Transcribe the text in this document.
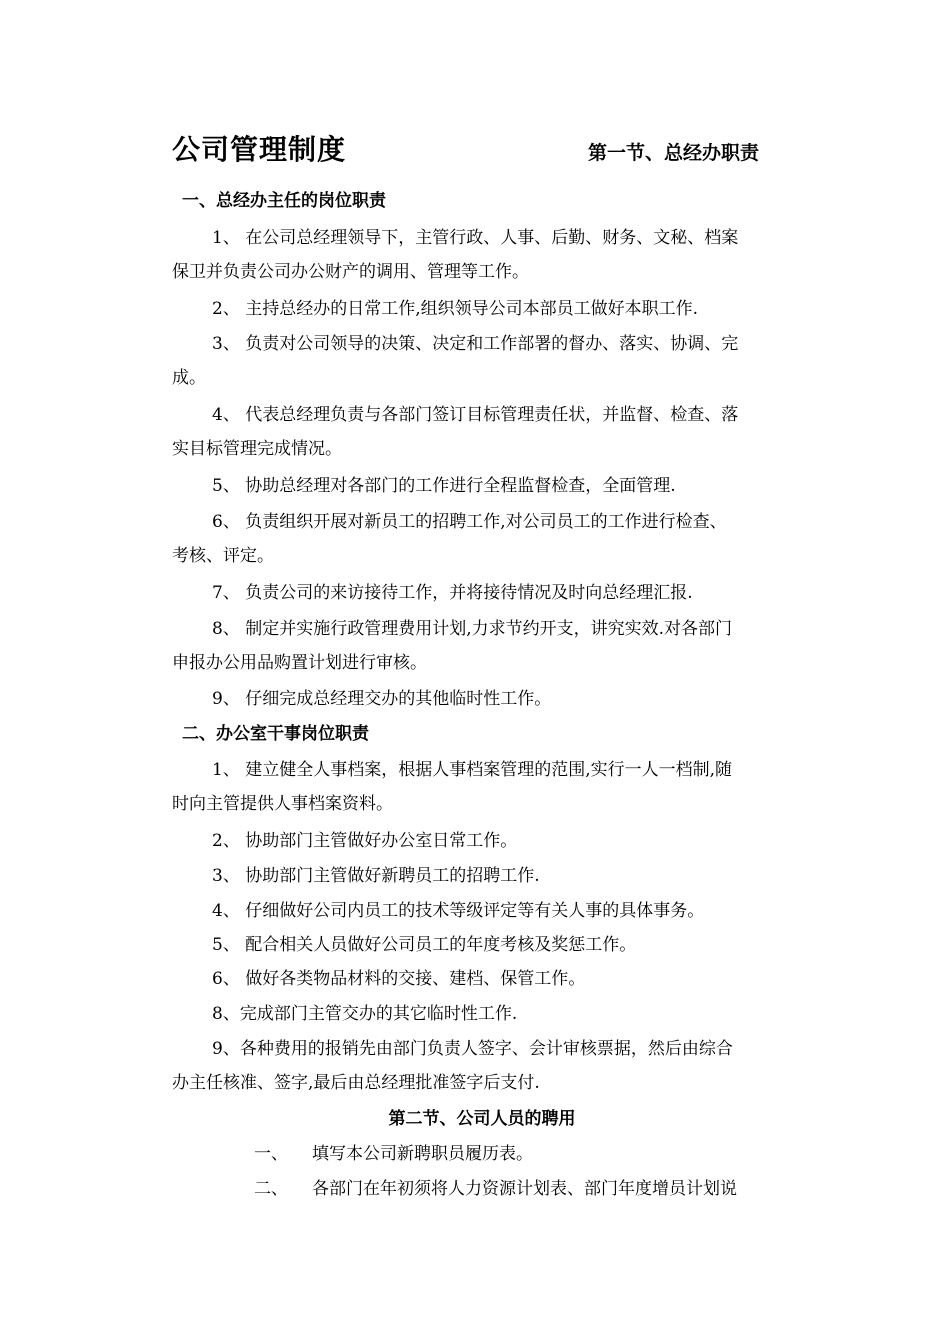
公司管理制度	第一节、总经办职责
一、总经办主任的岗位职责
1、 在公司总经理领导下，主管行政、人事、后勤、财务、文秘、档案
保卫并负责公司办公财产的调用、管理等工作。
2、 主持总经办的日常工作,组织领导公司本部员工做好本职工作.
3、 负责对公司领导的决策、决定和工作部署的督办、落实、协调、完
成。
4、 代表总经理负责与各部门签订目标管理责任状，并监督、检查、落
实目标管理完成情况。
5、 协助总经理对各部门的工作进行全程监督检查，全面管理.
6、 负责组织开展对新员工的招聘工作,对公司员工的工作进行检查、
考核、评定。
7、 负责公司的来访接待工作，并将接待情况及时向总经理汇报.
8、 制定并实施行政管理费用计划,力求节约开支，讲究实效.对各部门
申报办公用品购置计划进行审核。
9、 仔细完成总经理交办的其他临时性工作。
二、办公室干事岗位职责
1、 建立健全人事档案，根据人事档案管理的范围,实行一人一档制,随
时向主管提供人事档案资料。
2、 协助部门主管做好办公室日常工作。
3、 协助部门主管做好新聘员工的招聘工作.
4、 仔细做好公司内员工的技术等级评定等有关人事的具体事务。
5、 配合相关人员做好公司员工的年度考核及奖惩工作。
6、 做好各类物品材料的交接、建档、保管工作。
8、完成部门主管交办的其它临时性工作.
9、各种费用的报销先由部门负责人签字、会计审核票据，然后由综合
办主任核准、签字,最后由总经理批准签字后支付.
第二节、公司人员的聘用
一、 填写本公司新聘职员履历表。
二、 各部门在年初须将人力资源计划表、部门年度增员计划说
